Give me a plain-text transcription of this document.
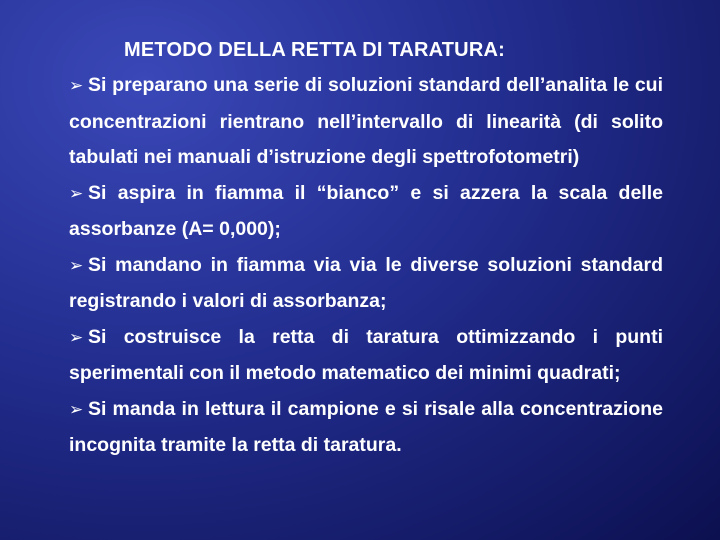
METODO DELLA RETTA DI TARATURA:

➢ Si preparano una serie di soluzioni standard dell’analita le cui concentrazioni rientrano nell’intervallo di linearità (di solito tabulati nei manuali d’istruzione degli spettrofotometri)

➢ Si aspira in fiamma il “bianco” e si azzera la scala delle assorbanze (A= 0,000);

➢ Si mandano in fiamma via via le diverse soluzioni standard registrando i valori di assorbanza;

➢ Si costruisce la retta di taratura ottimizzando i punti sperimentali con il metodo matematico dei minimi quadrati;

➢ Si manda in lettura il campione e si risale alla concentrazione incognita tramite la retta di taratura.
